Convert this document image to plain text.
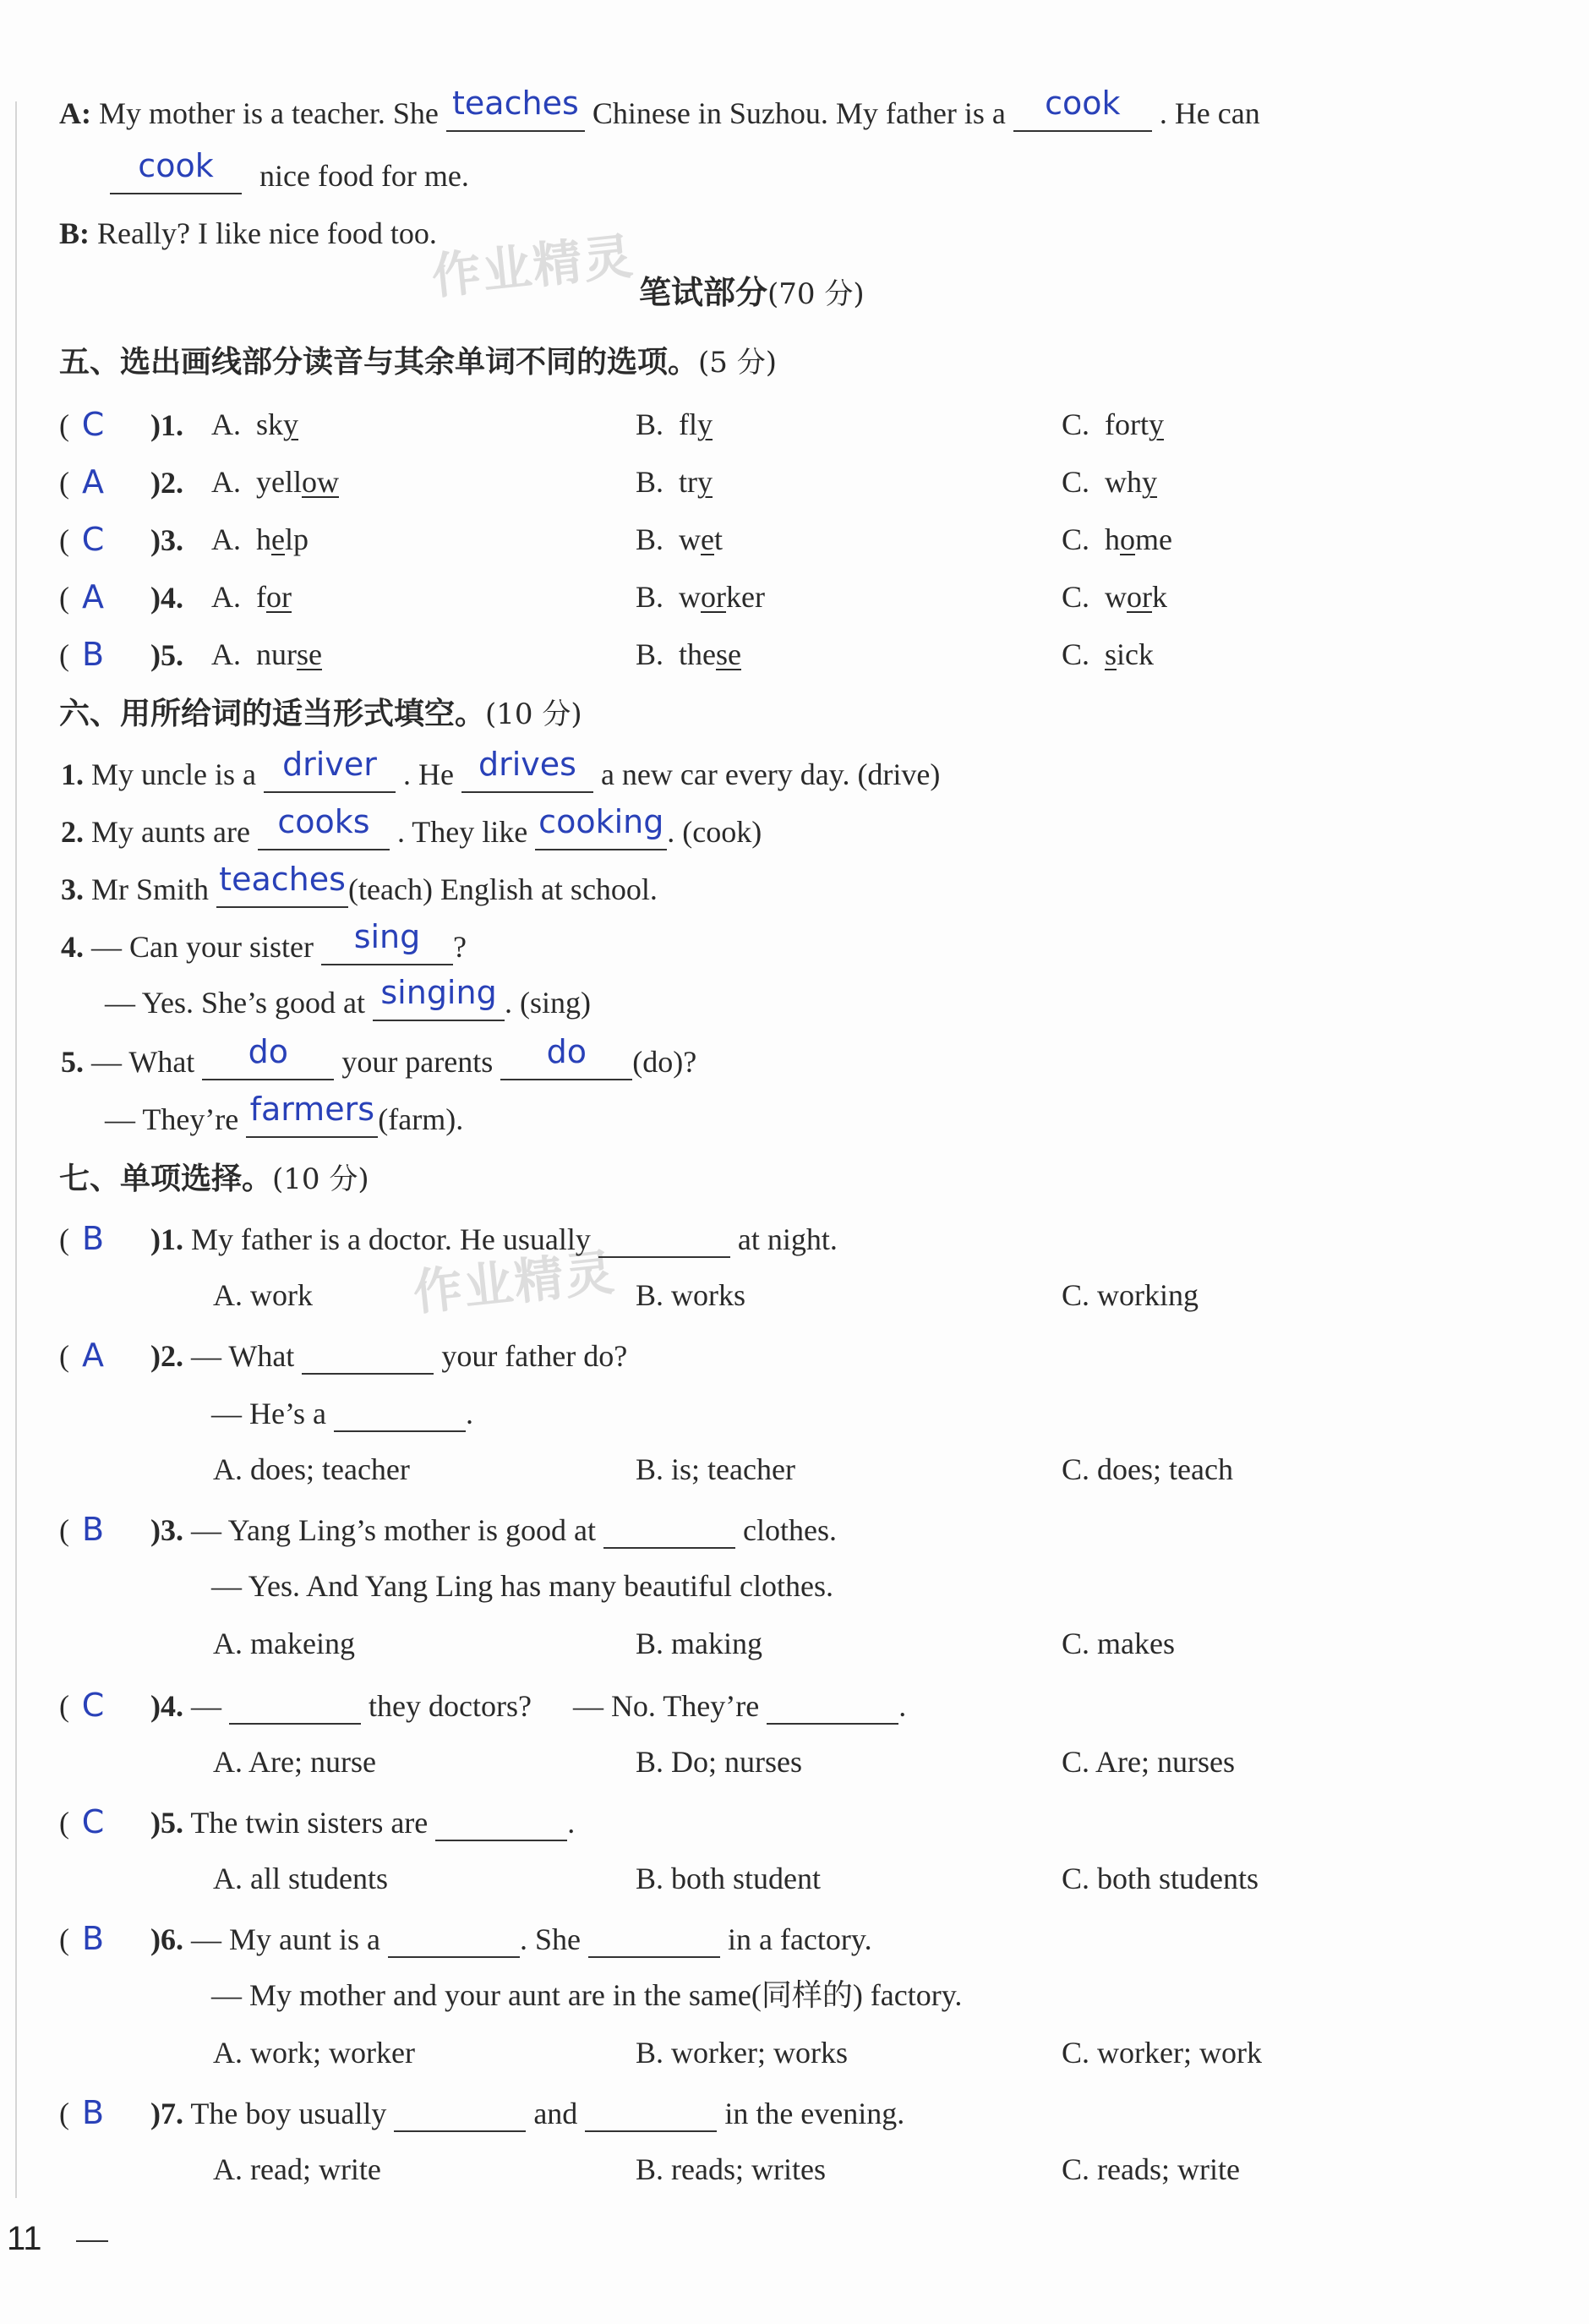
A: My mother is a teacher. She teaches Chinese in Suzhou. My father is a	cook	. He can
cook	nice food for me.
B: Really? I like nice food too.
作业精灵 笔试部分(70 分)
五、选出画线部分读音与其余单词不同的选项。(5 分)
( C )1. A. sky	B. fly	C. forty
( A )2. A. yellow	B. try	C. why
( C )3. A. help	B. wet	C. home
( A )4. A. for	B. worker	C. work
( B )5. A. nurse	B. these	C. sick
六、用所给词的适当形式填空。(10 分)
1. My uncle is a driver . He drives a new car every day. (drive)
2. My aunts are cooks . They like cooking . (cook)
3. Mr Smith teaches (teach) English at school.
4. — Can your sister	sing	?
— Yes. She’s good at singing . (sing)
5. — What	do	your parents	do	(do)?
— They’re farmers (farm).
七、单项选择。(10 分)
作业精灵
( B )1. My father is a doctor. He usually	at night.
A. work	B. works	C. working
( A )2. — What	your father do?
— He’s a	.
A. does; teacher	B. is; teacher	C. does; teach
( B )3. — Yang Ling’s mother is good at	clothes.
— Yes. And Yang Ling has many beautiful clothes.
A. makeing	B. making	C. makes
( C )4. —	they doctors? — No. They’re	.
A. Are; nurse	B. Do; nurses	C. Are; nurses
( C )5. The twin sisters are	.
A. all students	B. both student	C. both students
( B )6. — My aunt is a	. She	in a factory.
— My mother and your aunt are in the same(同样的) factory.
A. work; worker	B. worker; works	C. worker; work
( B )7. The boy usually	and	in the evening.
A. read; write	B. reads; writes	C. reads; write
11
